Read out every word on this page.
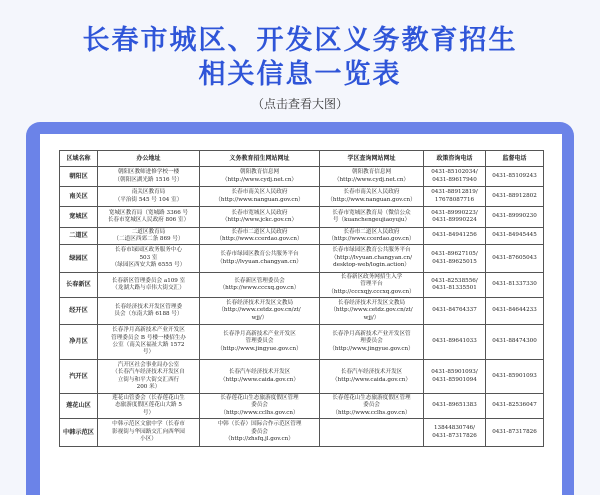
长春市城区、开发区义务教育招生
相关信息一览表
（点击查看大图）
区域名称	办公地址	义务教育招生网站网址	学区查询网站网址	政策咨询电话	监督电话
朝阳区	朝阳区教师进修学校一楼
（朝阳区湖光路 1516 号）	朝阳教育信息网
（http://www.cydj.net.cn）	朝阳教育信息网
（http://www.cydj.net.cn）	0431-85102034/
0431-89617940	0431-85109243
南关区	南关区教育局
（平治街 545 号 104 室）	长春市南关区人民政府
（http://www.nanguan.gov.cn）	长春市南关区人民政府
（http://www.nanguan.gov.cn）	0431-88912819/
17678087716	0431-88912802
宽城区	宽城区教育局（宽城路 3366 号
长春市宽城区人民政府 806 室）	长春市宽城区人民政府
（http://www.jckc.gov.cn）	长春市宽城区教育局（微信公众
号（kuanchengeujiaoyuju）	0431-89990223/
0431-89990224	0431-89990230
二道区	二道区教育局
（二道区西郊二条 869 号）	长春市二道区人民政府
（http://www.ccerdao.gov.cn）	长春市二道区人民政府
（http://www.ccerdao.gov.cn）	0431-84941256	0431-84945445
绿园区	长春市绿园区政务服务中心
503 室
（绿园区西安大路 6555 号）	长春市绿园区教育公共服务平台
（http://lvyuan.changyan.cn）	长春市绿园区教育公共服务平台
（http://lvyuan.changyan.cn/
desktop-web/login.action）	0431-89627105/
0431-89625015	0431-87605043
长春新区	长春新区管理委员会 a109 室
（龙湖大路与卓伟大街交汇）	长春新区管理委员会
（http://www.cccxq.gov.cn）	长春新区政务网招生入学
管理平台
（http://cccxqjy.cccxq.gov.cn）	0431-82538556/
0431-81335501	0431-81337330
经开区	长春经济技术开发区管理委
员会（东南大路 6188 号）	长春经济技术开发区文教局
（http://www.cetdz.gov.cn/zt/
wjj/）	长春经济技术开发区文教局
（http://www.cetdz.gov.cn/zt/
wjj/）	0431-84764337	0431-84644233
净月区	长春净月高新技术产业开发区
管理委员会 B 号楼一楼招生办
公室（南关区福祉大路 1572
号）	长春净月高新技术产业开发区
管理委员会
（http://www.jingyue.gov.cn）	长春净月高新技术产业开发区管
理委员会
（http://www.jingyue.gov.cn）	0431-89641033	0431-88474300
汽开区	汽开区社会事业局办公室
（长春汽车经济技术开发区自
立街与和平大街交汇西行
200 米）	长春汽车经济技术开发区
（http://www.caida.gov.cn）	长春汽车经济技术开发区
（http://www.caida.gov.cn）	0431-85901093/
0431-85901094	0431-85901093
莲花山区	莲花山管委会（长春莲花山生
态旅游度假区莲花山大路 5
号）	长春莲花山生态旅游度假区管理
委员会
（http://www.cclhs.gov.cn）	长春莲花山生态旅游度假区管理
委员会
（http://www.cclhs.gov.cn）	0431-89651383	0431-82536047
中韩示范区	中韩示范区文旅中学（长春市
影视街与华园路交汇向西华园
小区）	中韩（长春）国际合作示范区管理
委员会
（http://zhsfq.jl.gov.cn）		13844830746/
0431-87317826	0431-87317826
